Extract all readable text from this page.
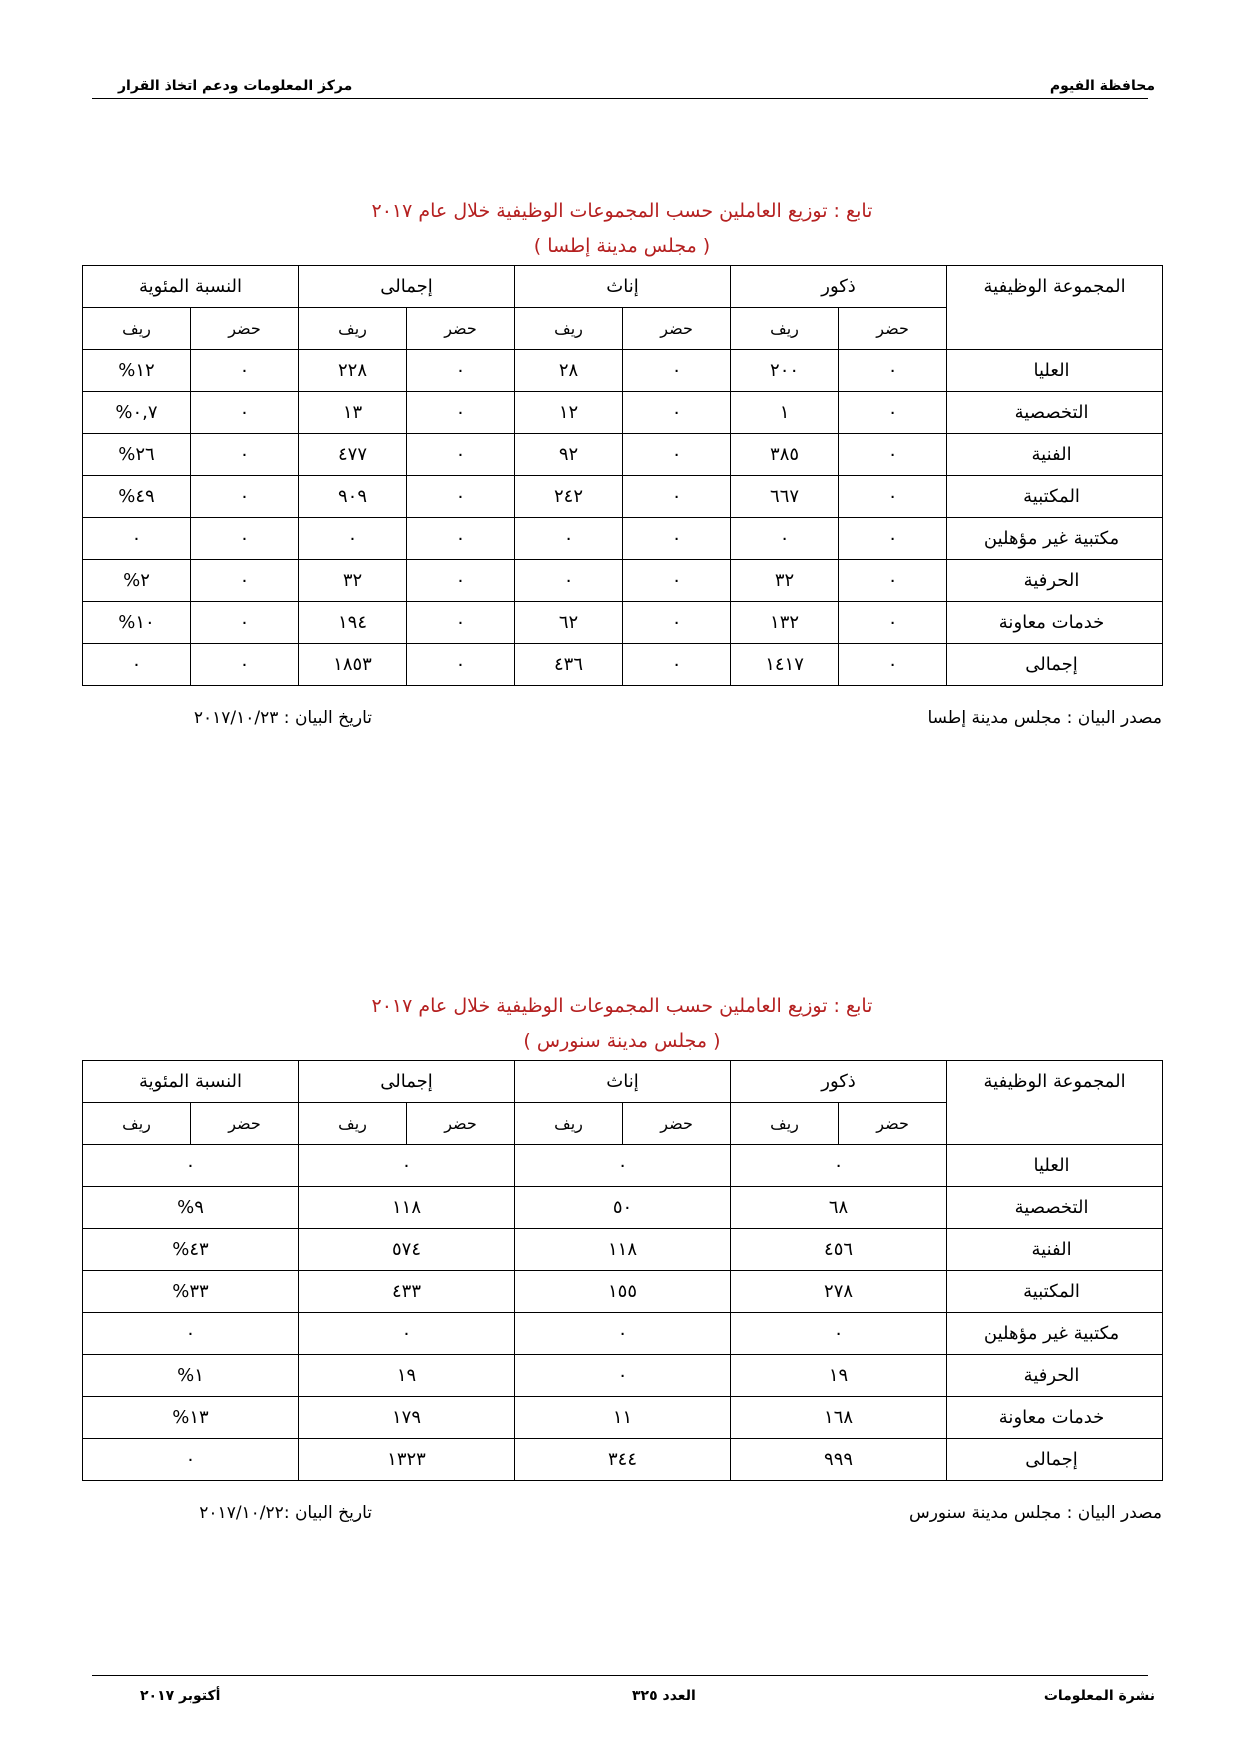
محافظة الفيوم
مركز المعلومات ودعم اتخاذ القرار
تابع : توزيع العاملين حسب المجموعات الوظيفية خلال عام ٢٠١٧
( مجلس مدينة إطسا )
المجموعة الوظيفية	ذكور		إناث		إجمالى		النسبة المئوية	
	حضر	ريف	حضر	ريف	حضر	ريف	حضر	ريف
العليا	٠	٢٠٠	٠	٢٨	٠	٢٢٨	٠	١٢%
التخصصية	٠	١	٠	١٢	٠	١٣	٠	٠,٧%
الفنية	٠	٣٨٥	٠	٩٢	٠	٤٧٧	٠	٢٦%
المكتبية	٠	٦٦٧	٠	٢٤٢	٠	٩٠٩	٠	٤٩%
مكتبية غير مؤهلين	٠	٠	٠	٠	٠	٠	٠	٠
الحرفية	٠	٣٢	٠	٠	٠	٣٢	٠	٢%
خدمات معاونة	٠	١٣٢	٠	٦٢	٠	١٩٤	٠	١٠%
إجمالى	٠	١٤١٧	٠	٤٣٦	٠	١٨٥٣	٠	٠
مصدر البيان : مجلس مدينة إطسا
تاريخ البيان : ٢٠١٧/١٠/٢٣
تابع : توزيع العاملين حسب المجموعات الوظيفية خلال عام ٢٠١٧
( مجلس مدينة سنورس )
المجموعة الوظيفية	ذكور		إناث		إجمالى		النسبة المئوية	
	حضر	ريف	حضر	ريف	حضر	ريف	حضر	ريف
العليا	٠		٠		٠		٠	
التخصصية	٦٨		٥٠		١١٨		٩%	
الفنية	٤٥٦		١١٨		٥٧٤		٤٣%	
المكتبية	٢٧٨		١٥٥		٤٣٣		٣٣%	
مكتبية غير مؤهلين	٠		٠		٠		٠	
الحرفية	١٩		٠		١٩		١%	
خدمات معاونة	١٦٨		١١		١٧٩		١٣%	
إجمالى	٩٩٩		٣٤٤		١٣٢٣		٠	
مصدر البيان : مجلس مدينة سنورس
تاريخ البيان :٢٠١٧/١٠/٢٢
نشرة المعلومات
العدد ٣٢٥
أكتوبر ٢٠١٧
